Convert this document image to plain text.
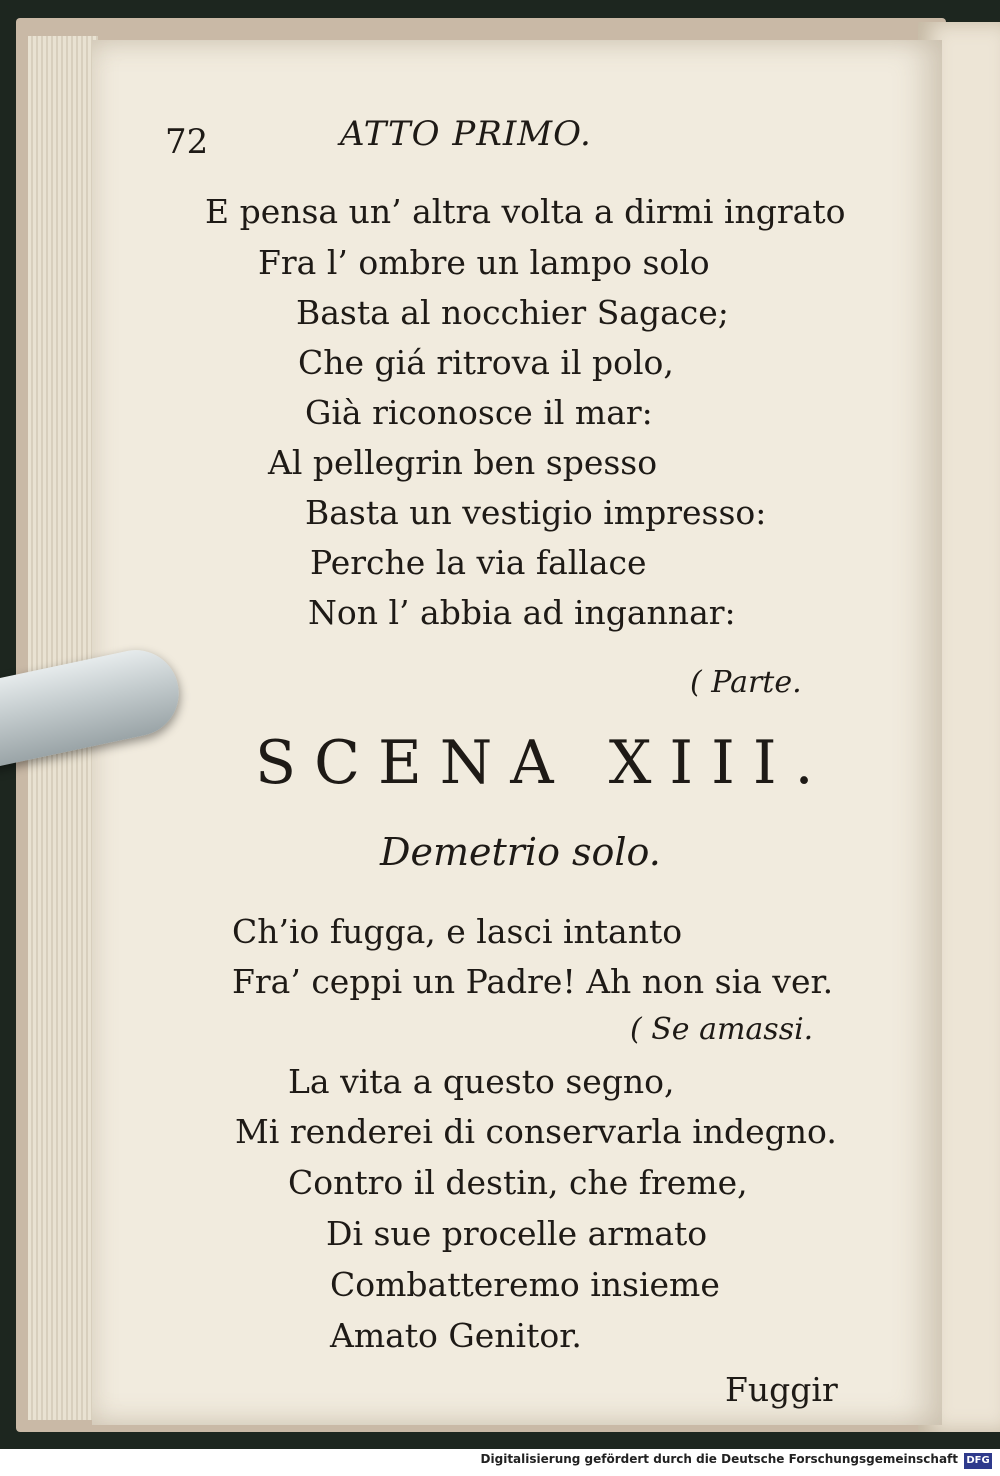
72	ATTO PRIMO.
E pensa un’ altra volta a dirmi ingrato
Fra l’ ombre un lampo solo
Basta al nocchier Sagace;
Che giá ritrova il polo,
Già riconosce il mar:
Al pellegrin ben spesso
Basta un vestigio impresso:
Perche la via fallace
Non l’ abbia ad ingannar:
( Parte.
SCENA XIII.
Demetrio solo.
Ch’io fugga, e lasci intanto
Fra’ ceppi un Padre! Ah non sia ver.
( Se amassi.
La vita a questo segno,
Mi renderei di conservarla indegno.
Contro il destin, che freme,
Di sue procelle armato
Combatteremo insieme
Amato Genitor.
Fuggir
Digitalisierung gefördert durch die Deutsche Forschungsgemeinschaft DFG
